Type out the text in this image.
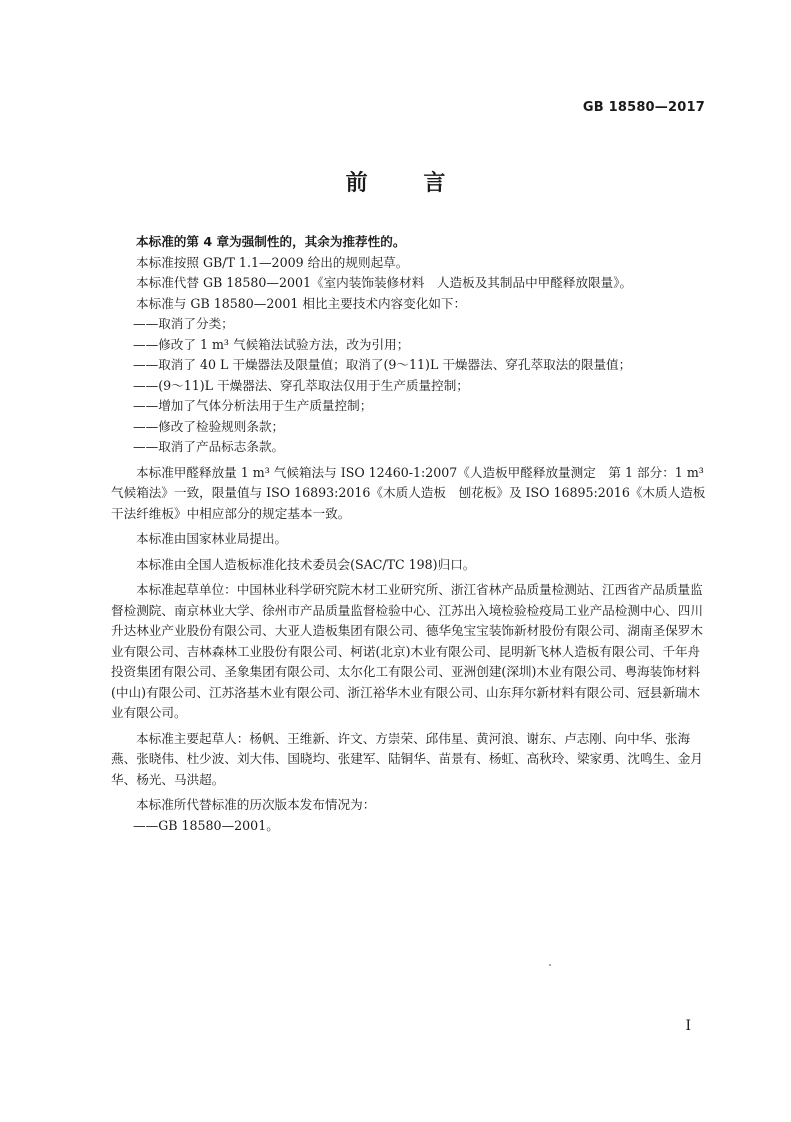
GB 18580—2017
前 言

本标准的第 4 章为强制性的，其余为推荐性的。

本标准按照 GB/T 1.1—2009 给出的规则起草。

本标准代替 GB 18580—2001《室内装饰装修材料　人造板及其制品中甲醛释放限量》。

本标准与 GB 18580—2001 相比主要技术内容变化如下：

——取消了分类；

——修改了 1 m³ 气候箱法试验方法，改为引用；

——取消了 40 L 干燥器法及限量值；取消了(9～11)L 干燥器法、穿孔萃取法的限量值；

——(9～11)L 干燥器法、穿孔萃取法仅用于生产质量控制；

——增加了气体分析法用于生产质量控制；

——修改了检验规则条款；

——取消了产品标志条款。

本标准甲醛释放量 1 m³ 气候箱法与 ISO 12460-1:2007《人造板甲醛释放量测定　第 1 部分：1 m³ 气候箱法》一致，限量值与 ISO 16893:2016《木质人造板　刨花板》及 ISO 16895:2016《木质人造板　干法纤维板》中相应部分的规定基本一致。

本标准由国家林业局提出。

本标准由全国人造板标准化技术委员会(SAC/TC 198)归口。

本标准起草单位：中国林业科学研究院木材工业研究所、浙江省林产品质量检测站、江西省产品质量监督检测院、南京林业大学、徐州市产品质量监督检验中心、江苏出入境检验检疫局工业产品检测中心、四川升达林业产业股份有限公司、大亚人造板集团有限公司、德华兔宝宝装饰新材股份有限公司、湖南圣保罗木业有限公司、吉林森林工业股份有限公司、柯诺(北京)木业有限公司、昆明新飞林人造板有限公司、千年舟投资集团有限公司、圣象集团有限公司、太尔化工有限公司、亚洲创建(深圳)木业有限公司、粤海装饰材料(中山)有限公司、江苏洛基木业有限公司、浙江裕华木业有限公司、山东拜尔新材料有限公司、冠县新瑞木业有限公司。

本标准主要起草人：杨帆、王维新、许文、方崇荣、邱伟星、黄河浪、谢东、卢志刚、向中华、张海燕、张晓伟、杜少波、刘大伟、国晓均、张建军、陆铜华、苗景有、杨虹、高秋玲、梁家勇、沈鸣生、金月华、杨光、马洪超。

本标准所代替标准的历次版本发布情况为：

——GB 18580—2001。

I
